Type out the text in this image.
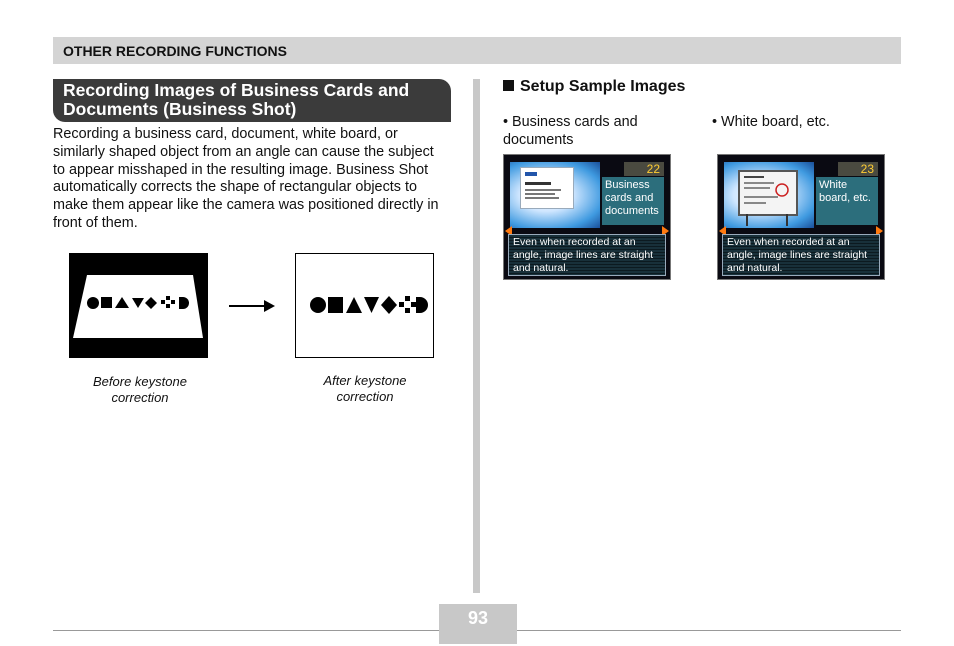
OTHER RECORDING FUNCTIONS
Recording Images of Business Cards and Documents (Business Shot)
Recording a business card, document, white board, or similarly shaped object from an angle can cause the subject to appear misshaped in the resulting image. Business Shot automatically corrects the shape of rectangular objects to make them appear like the camera was positioned directly in front of them.
Before keystone
correction
After keystone
correction
Setup Sample Images
• Business cards and documents
• White board, etc.
22
Business cards and documents
Even when recorded at an angle, image lines are straight and natural.
23
White board, etc.
Even when recorded at an angle, image lines are straight and natural.
93
